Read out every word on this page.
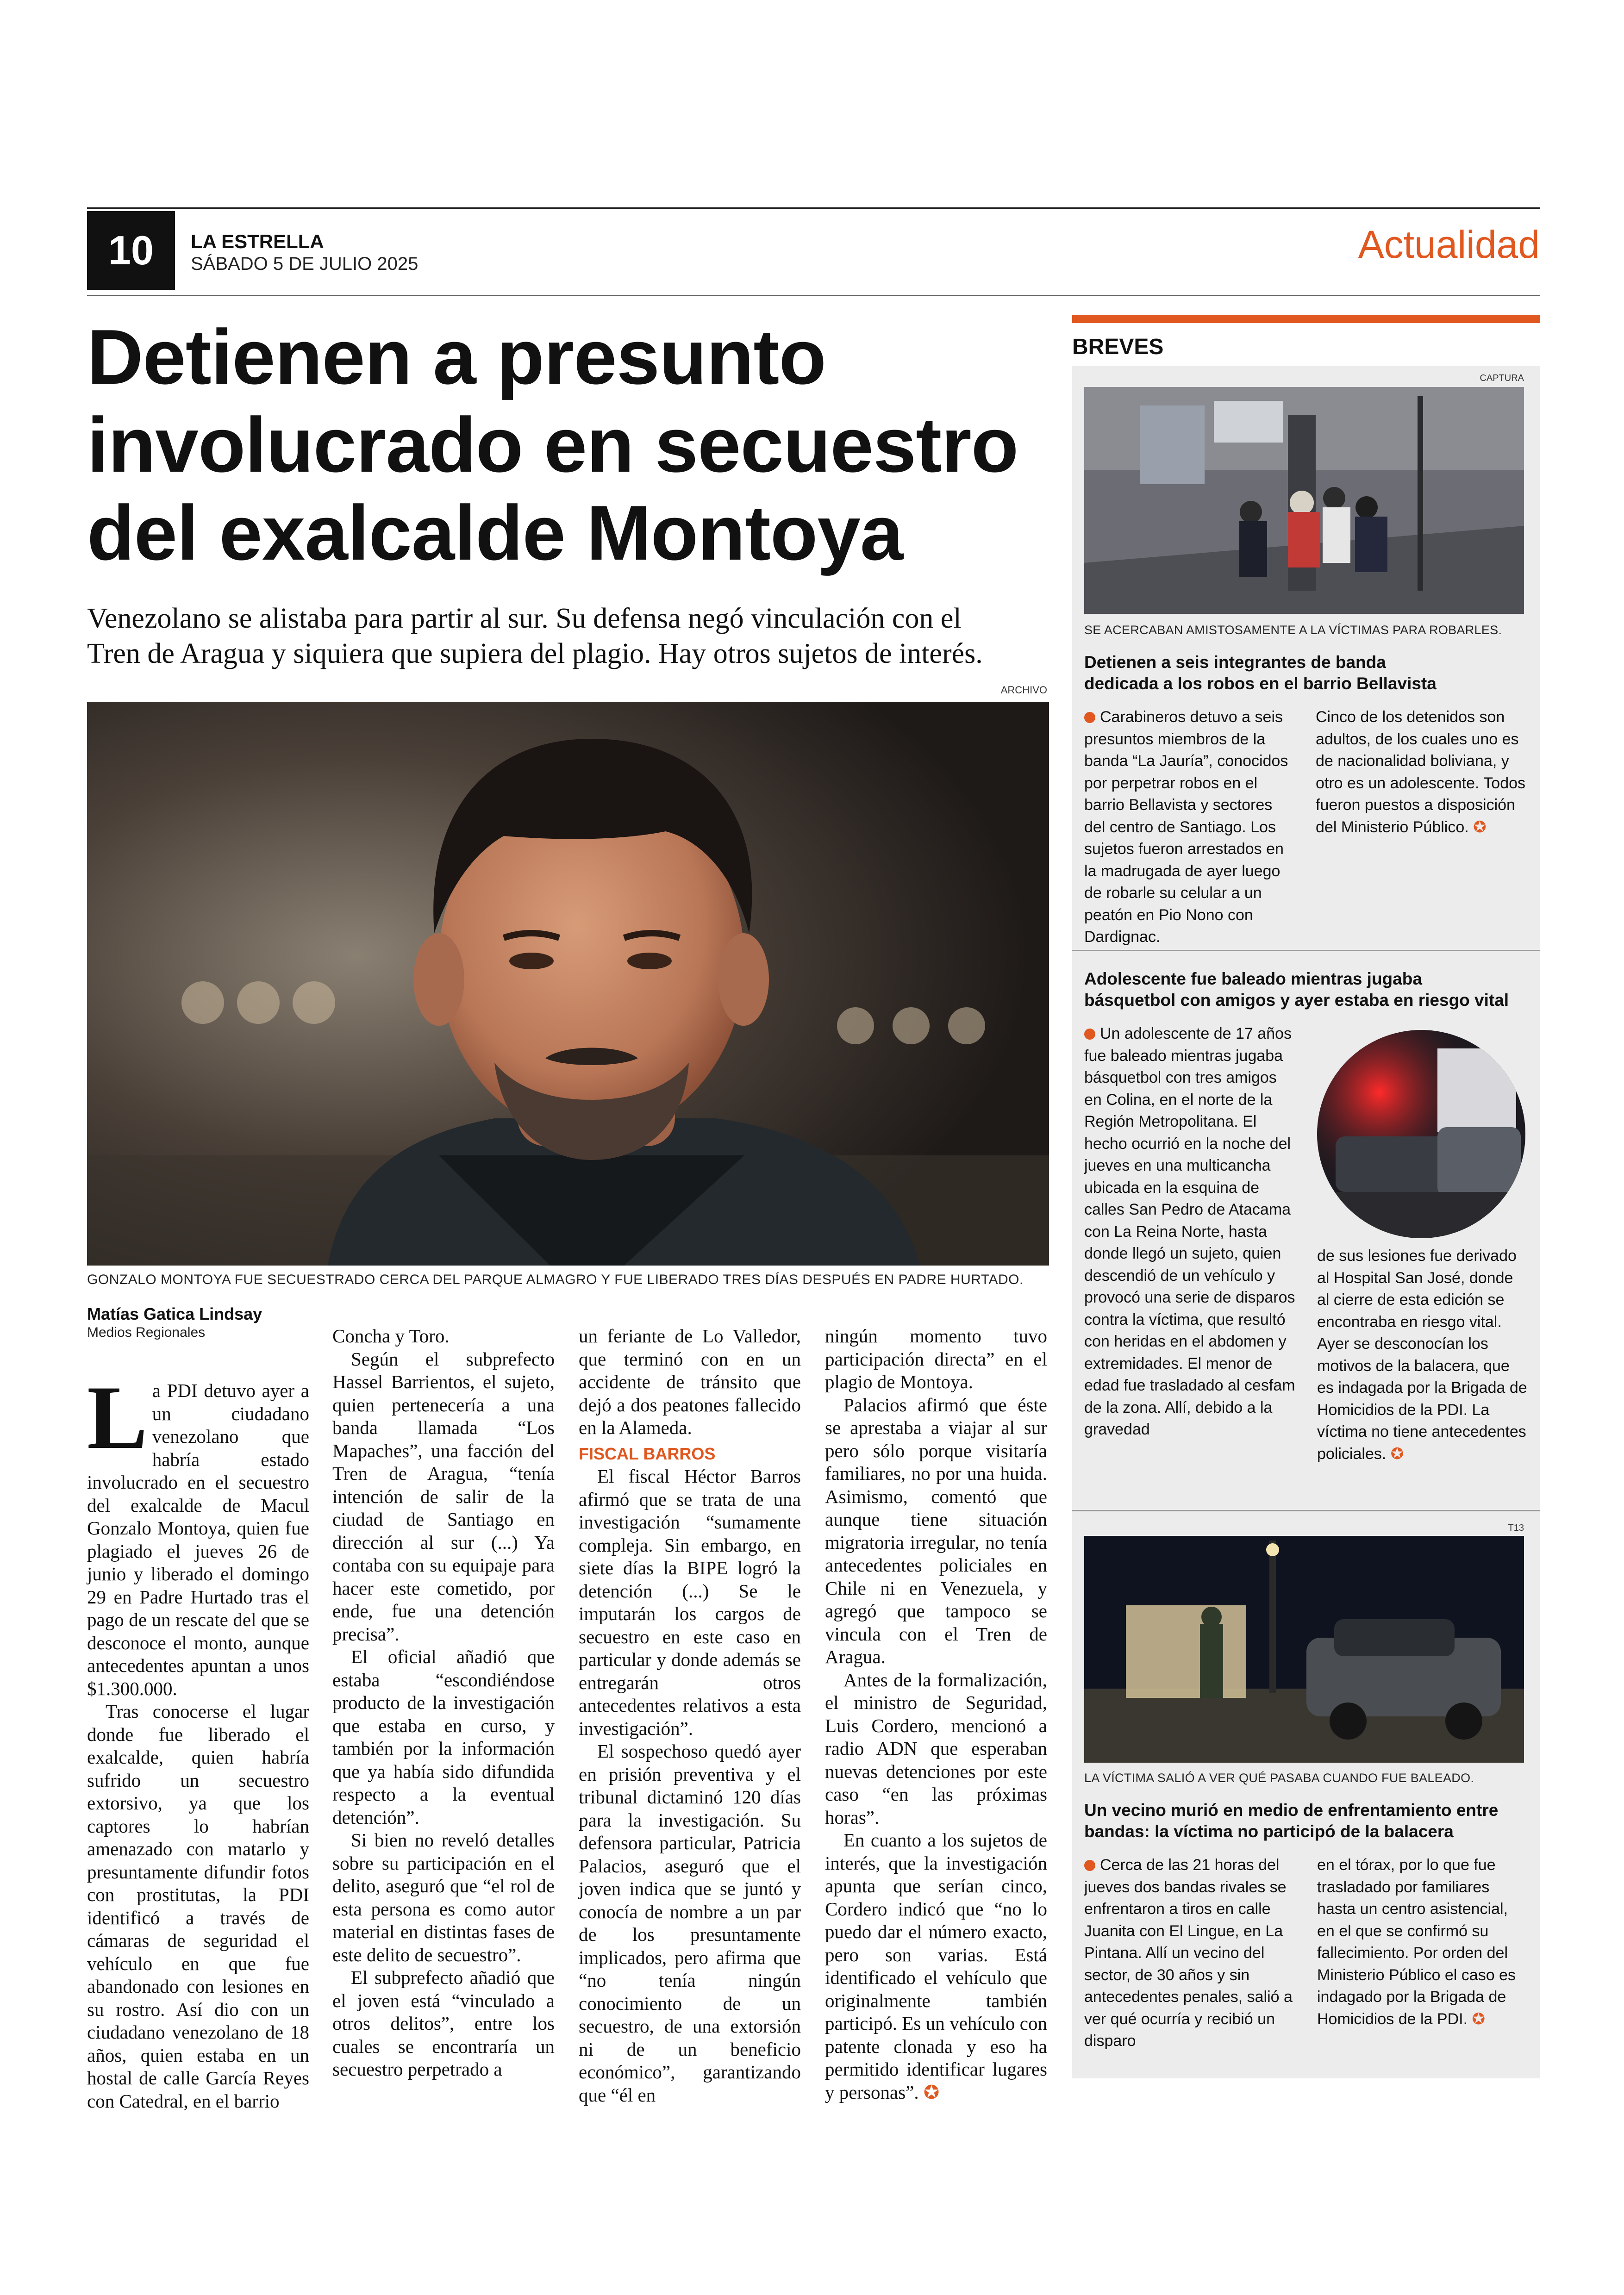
10	LA ESTRELLA
SÁBADO 5 DE JULIO 2025	Actualidad
Detienen a presunto
involucrado en secuestro
del exalcalde Montoya
Venezolano se alistaba para partir al sur. Su defensa negó vinculación con el
Tren de Aragua y siquiera que supiera del plagio. Hay otros sujetos de interés.
ARCHIVO
GONZALO MONTOYA FUE SECUESTRADO CERCA DEL PARQUE ALMAGRO Y FUE LIBERADO TRES DÍAS DESPUÉS EN PADRE HURTADO.
Matías Gatica Lindsay
Medios Regionales

La PDI detuvo ayer a un ciudadano venezolano que habría estado involucrado en el secuestro del exalcalde de Macul Gonzalo Montoya, quien fue plagiado el jueves 26 de junio y liberado el domingo 29 en Padre Hurtado tras el pago de un rescate del que se desconoce el monto, aunque antecedentes apuntan a unos $1.300.000.

Tras conocerse el lugar donde fue liberado el exalcalde, quien habría sufrido un secuestro extorsivo, ya que los captores lo habrían amenazado con matarlo y presuntamente difundir fotos con prostitutas, la PDI identificó a través de cámaras de seguridad el vehículo en que fue abandonado con lesiones en su rostro. Así dio con un ciudadano venezolano de 18 años, quien estaba en un hostal de calle García Reyes con Catedral, en el barrio

Concha y Toro.

Según el subprefecto Hassel Barrientos, el sujeto, quien pertenecería a una banda llamada “Los Mapaches”, una facción del Tren de Aragua, “tenía intención de salir de la ciudad de Santiago en dirección al sur (...) Ya contaba con su equipaje para hacer este cometido, por ende, fue una detención precisa”.

El oficial añadió que estaba “escondiéndose producto de la investigación que estaba en curso, y también por la información que ya había sido difundida respecto a la eventual detención”.

Si bien no reveló detalles sobre su participación en el delito, aseguró que “el rol de esta persona es como autor material en distintas fases de este delito de secuestro”.

El subprefecto añadió que el joven está “vinculado a otros delitos”, entre los cuales se encontraría un secuestro perpetrado a

un feriante de Lo Valledor, que terminó con en un accidente de tránsito que dejó a dos peatones fallecido en la Alameda.

FISCAL BARROS

El fiscal Héctor Barros afirmó que se trata de una investigación “sumamente compleja. Sin embargo, en siete días la BIPE logró la detención (...) Se le imputarán los cargos de secuestro en este caso en particular y donde además se entregarán otros antecedentes relativos a esta investigación”.

El sospechoso quedó ayer en prisión preventiva y el tribunal dictaminó 120 días para la investigación. Su defensora particular, Patricia Palacios, aseguró que el joven indica que se juntó y conocía de nombre a un par de los presuntamente implicados, pero afirma que “no tenía ningún conocimiento de un secuestro, de una extorsión ni de un beneficio económico”, garantizando que “él en

ningún momento tuvo participación directa” en el plagio de Montoya.

Palacios afirmó que éste se aprestaba a viajar al sur pero sólo porque visitaría familiares, no por una huida. Asimismo, comentó que aunque tiene situación migratoria irregular, no tenía antecedentes policiales en Chile ni en Venezuela, y agregó que tampoco se vincula con el Tren de Aragua.

Antes de la formalización, el ministro de Seguridad, Luis Cordero, mencionó a radio ADN que esperaban nuevas detenciones por este caso “en las próximas horas”.

En cuanto a los sujetos de interés, que la investigación apunta que serían cinco, Cordero indicó que “no lo puedo dar el número exacto, pero son varias. Está identificado el vehículo que originalmente también participó. Es un vehículo con patente clonada y eso ha permitido identificar lugares y personas”. ✪

BREVES
CAPTURA
SE ACERCABAN AMISTOSAMENTE A LA VÍCTIMAS PARA ROBARLES.
Detienen a seis integrantes de banda
dedicada a los robos en el barrio Bellavista
Carabineros detuvo a seis presuntos miembros de la banda “La Jauría”, conocidos por perpetrar robos en el barrio Bellavista y sectores del centro de Santiago. Los sujetos fueron arrestados en la madrugada de ayer luego de robarle su celular a un peatón en Pio Nono con Dardignac.
Cinco de los detenidos son adultos, de los cuales uno es de nacionalidad boliviana, y otro es un adolescente. Todos fueron puestos a disposición del Ministerio Público. ✪
Adolescente fue baleado mientras jugaba
básquetbol con amigos y ayer estaba en riesgo vital
Un adolescente de 17 años fue baleado mientras jugaba básquetbol con tres amigos en Colina, en el norte de la Región Metropolitana. El hecho ocurrió en la noche del jueves en una multicancha ubicada en la esquina de calles San Pedro de Atacama con La Reina Norte, hasta donde llegó un sujeto, quien descendió de un vehículo y provocó una serie de disparos contra la víctima, que resultó con heridas en el abdomen y extremidades. El menor de edad fue trasladado al cesfam de la zona. Allí, debido a la gravedad
de sus lesiones fue derivado al Hospital San José, donde al cierre de esta edición se encontraba en riesgo vital. Ayer se desconocían los motivos de la balacera, que es indagada por la Brigada de Homicidios de la PDI. La víctima no tiene antecedentes policiales. ✪
T13
LA VÍCTIMA SALIÓ A VER QUÉ PASABA CUANDO FUE BALEADO.
Un vecino murió en medio de enfrentamiento entre
bandas: la víctima no participó de la balacera
Cerca de las 21 horas del jueves dos bandas rivales se enfrentaron a tiros en calle Juanita con El Lingue, en La Pintana. Allí un vecino del sector, de 30 años y sin antecedentes penales, salió a ver qué ocurría y recibió un disparo
en el tórax, por lo que fue trasladado por familiares hasta un centro asistencial, en el que se confirmó su fallecimiento. Por orden del Ministerio Público el caso es indagado por la Brigada de Homicidios de la PDI. ✪
